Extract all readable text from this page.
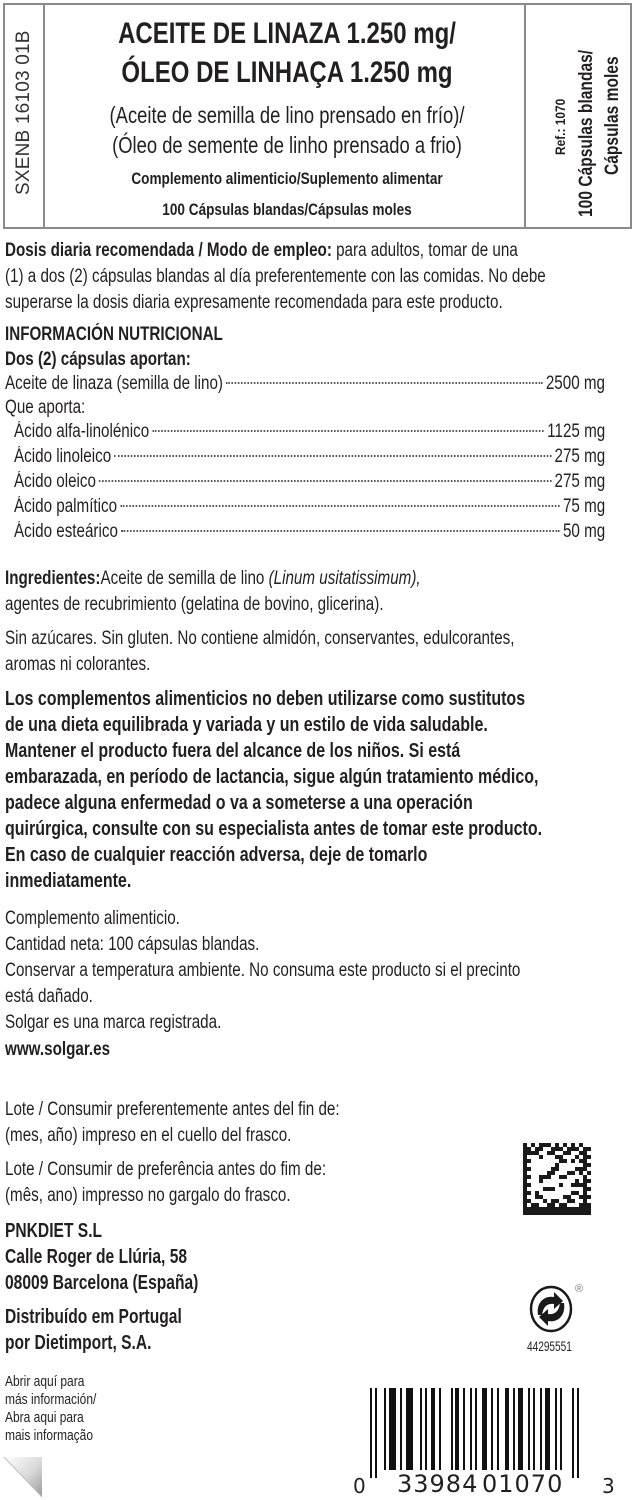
SXENB 16103 01B	ACEITE DE LINAZA 1.250 mg/
ÓLEO DE LINHAÇA 1.250 mg
(Aceite de semilla de lino prensado en frío)/
(Óleo de semente de linho prensado a frio)
Complemento alimenticio/Suplemento alimentar
100 Cápsulas blandas/Cápsulas moles
Ref.: 1070 100 Cápsulas blandas/ Cápsulas moles
Dosis diaria recomendada / Modo de empleo: para adultos, tomar de una
(1) a dos (2) cápsulas blandas al día preferentemente con las comidas. No debe
superarse la dosis diaria expresamente recomendada para este producto.
INFORMACIÓN NUTRICIONAL
Dos (2) cápsulas aportan:
Aceite de linaza (semilla de lino)	2500 mg
Que aporta:
Ácido alfa-linolénico	1125 mg
Ácido linoleico	275 mg
Ácido oleico	275 mg
Ácido palmítico	75 mg
Ácido esteárico	50 mg
Ingredientes:Aceite de semilla de lino (Linum usitatissimum),
agentes de recubrimiento (gelatina de bovino, glicerina).
Sin azúcares. Sin gluten. No contiene almidón, conservantes, edulcorantes,
aromas ni colorantes.
Los complementos alimenticios no deben utilizarse como sustitutos
de una dieta equilibrada y variada y un estilo de vida saludable.
Mantener el producto fuera del alcance de los niños. Si está
embarazada, en período de lactancia, sigue algún tratamiento médico,
padece alguna enfermedad o va a someterse a una operación
quirúrgica, consulte con su especialista antes de tomar este producto.
En caso de cualquier reacción adversa, deje de tomarlo
inmediatamente.
Complemento alimenticio.
Cantidad neta: 100 cápsulas blandas.
Conservar a temperatura ambiente. No consuma este producto si el precinto
está dañado.
Solgar es una marca registrada.
www.solgar.es
Lote / Consumir preferentemente antes del fin de:
(mes, año) impreso en el cuello del frasco.
Lote / Consumir de preferência antes do fim de:
(mês, ano) impresso no gargalo do frasco.
PNKDIET S.L
Calle Roger de Llúria, 58
08009 Barcelona (España)
Distribuído em Portugal
por Dietimport, S.A.
®
44295551
Abrir aquí para
más información/
Abra aqui para
mais informação
0 33984 01070 3
